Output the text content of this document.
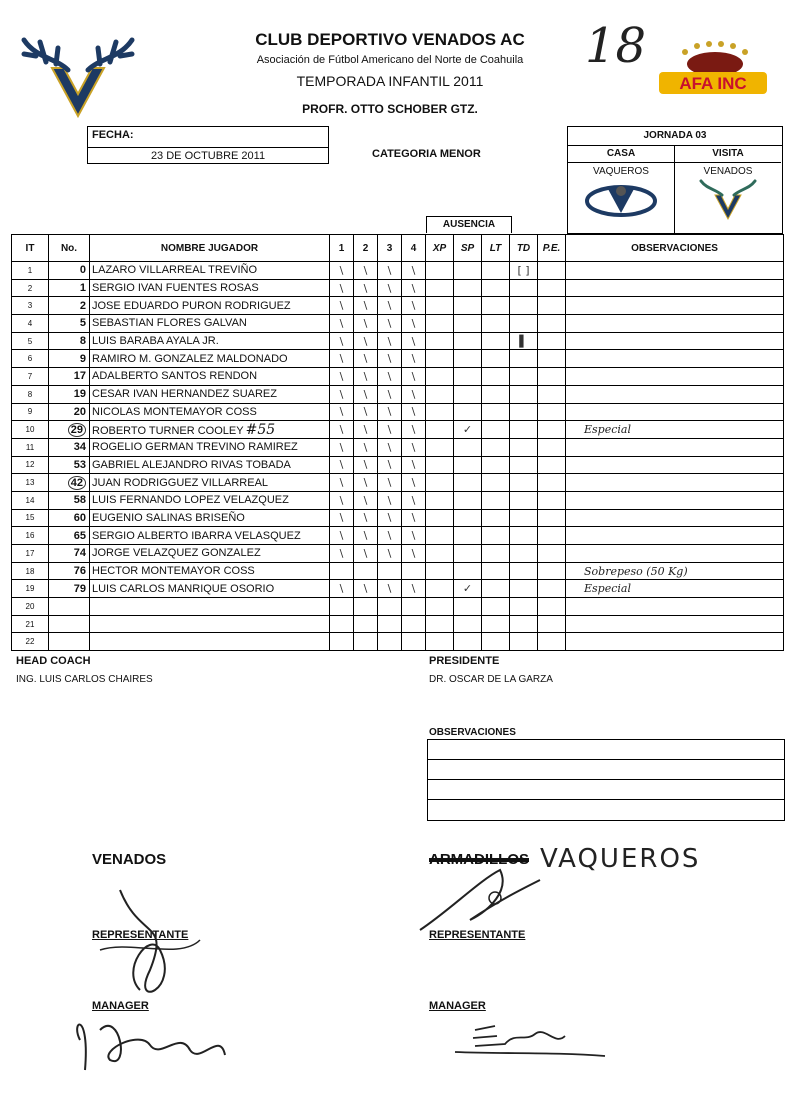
CLUB DEPORTIVO VENADOS AC
Asociación de Fútbol Americano del Norte de Coahuila
TEMPORADA INFANTIL 2011
PROFR. OTTO SCHOBER GTZ.
18
AFA INC
FECHA:
23 DE OCTUBRE 2011	CATEGORIA MENOR
JORNADA 03
CASA
VAQUEROS
VISITA
VENADOS
AUSENCIA
IT	No.	NOMBRE JUGADOR	1	2	3	4	XP	SP	LT	TD	P.E.	OBSERVACIONES
1	0	LAZARO VILLARREAL TREVIÑO	\	\	\	\				[ ]		
2	1	SERGIO IVAN FUENTES ROSAS	\	\	\	\						
3	2	JOSE EDUARDO PURON RODRIGUEZ	\	\	\	\						
4	5	SEBASTIAN FLORES GALVAN	\	\	\	\						
5	8	LUIS BARABA AYALA JR.	\	\	\	\				▌		
6	9	RAMIRO M. GONZALEZ MALDONADO	\	\	\	\						
7	17	ADALBERTO SANTOS RENDON	\	\	\	\						
8	19	CESAR IVAN HERNANDEZ SUAREZ	\	\	\	\						
9	20	NICOLAS MONTEMAYOR COSS	\	\	\	\						
10	29	ROBERTO TURNER COOLEY #55	\	\	\	\		✓				Especial
11	34	ROGELIO GERMAN TREVINO RAMIREZ	\	\	\	\						
12	53	GABRIEL ALEJANDRO RIVAS TOBADA	\	\	\	\						
13	42	JUAN RODRIGGUEZ VILLARREAL	\	\	\	\						
14	58	LUIS FERNANDO LOPEZ VELAZQUEZ	\	\	\	\						
15	60	EUGENIO SALINAS BRISEÑO	\	\	\	\						
16	65	SERGIO ALBERTO IBARRA VELASQUEZ	\	\	\	\						
17	74	JORGE VELAZQUEZ GONZALEZ	\	\	\	\						
18	76	HECTOR MONTEMAYOR COSS										Sobrepeso (50 Kg)
19	79	LUIS CARLOS MANRIQUE OSORIO	\	\	\	\		✓				Especial
20												
21												
22												
HEAD COACH
ING. LUIS CARLOS CHAIRES
PRESIDENTE
DR. OSCAR DE LA GARZA
OBSERVACIONES
VENADOS	ARMADILLOS VAQUEROS
REPRESENTANTE	REPRESENTANTE
MANAGER	MANAGER
